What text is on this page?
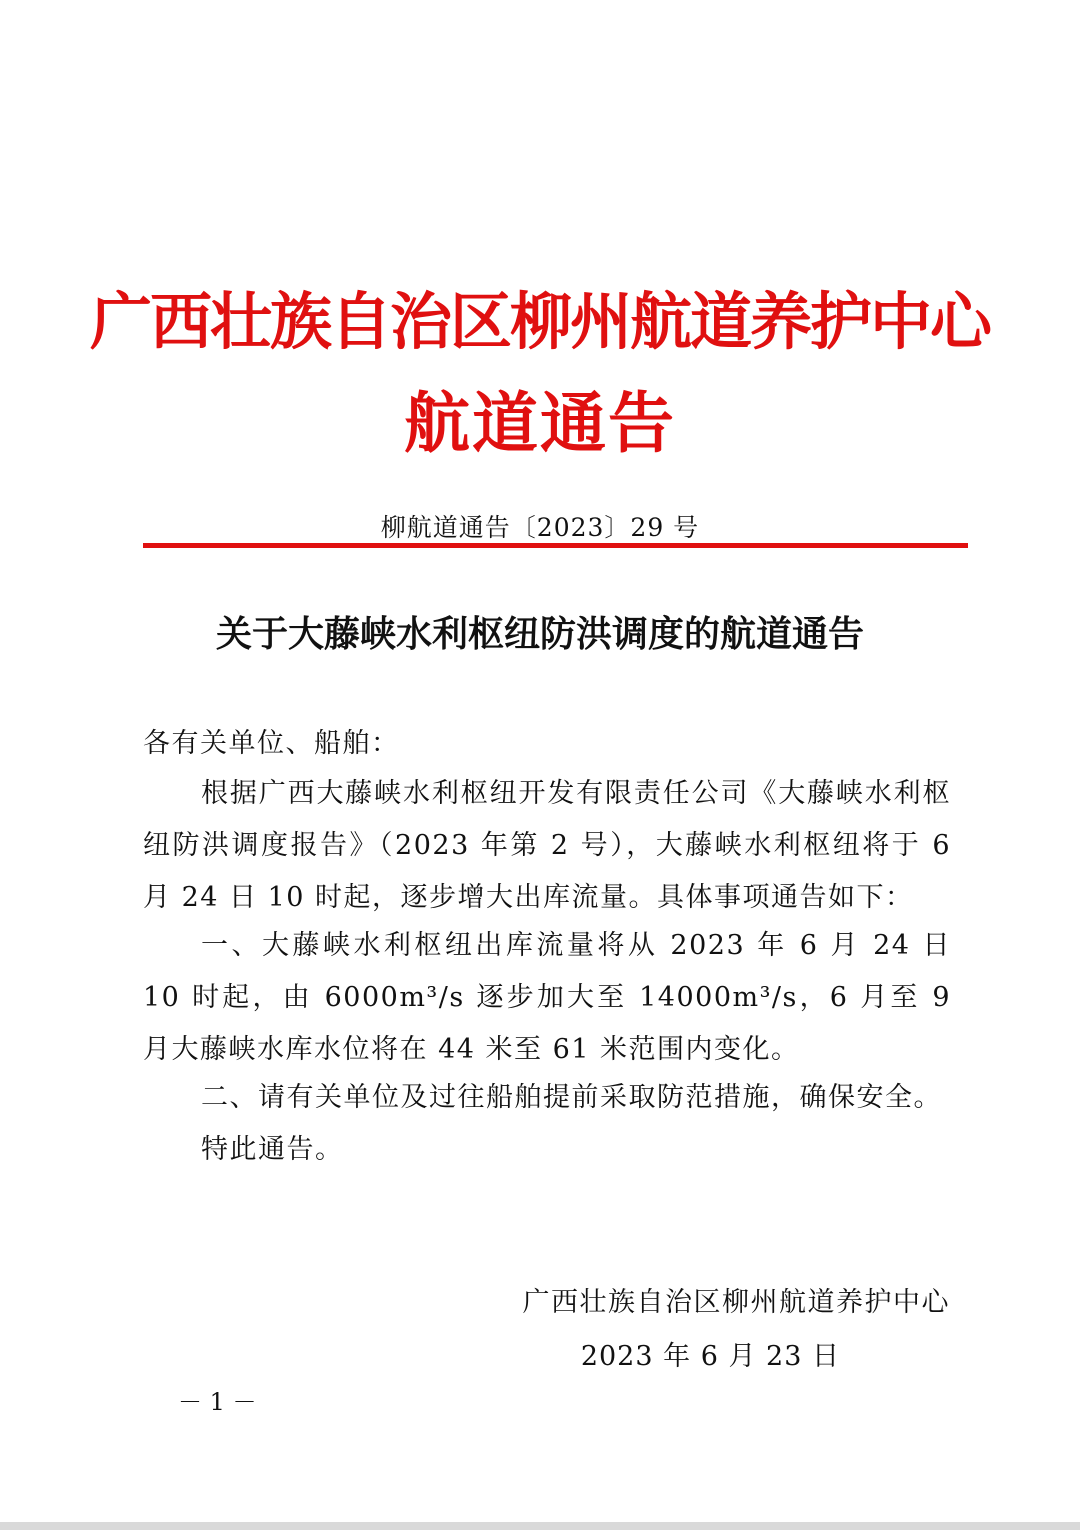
广西壮族自治区柳州航道养护中心
航道通告
柳航道通告〔2023〕29 号
关于大藤峡水利枢纽防洪调度的航道通告
各有关单位、船舶：
根据广西大藤峡水利枢纽开发有限责任公司《大藤峡水利枢纽防洪调度报告》（2023 年第 2 号），大藤峡水利枢纽将于 6 月 24 日 10 时起，逐步增大出库流量。具体事项通告如下：
一、大藤峡水利枢纽出库流量将从 2023 年 6 月 24 日 10 时起，由 6000m³/s 逐步加大至 14000m³/s，6 月至 9 月大藤峡水库水位将在 44 米至 61 米范围内变化。
二、请有关单位及过往船舶提前采取防范措施，确保安全。
特此通告。
广西壮族自治区柳州航道养护中心
2023 年 6 月 23 日
－ 1 －
